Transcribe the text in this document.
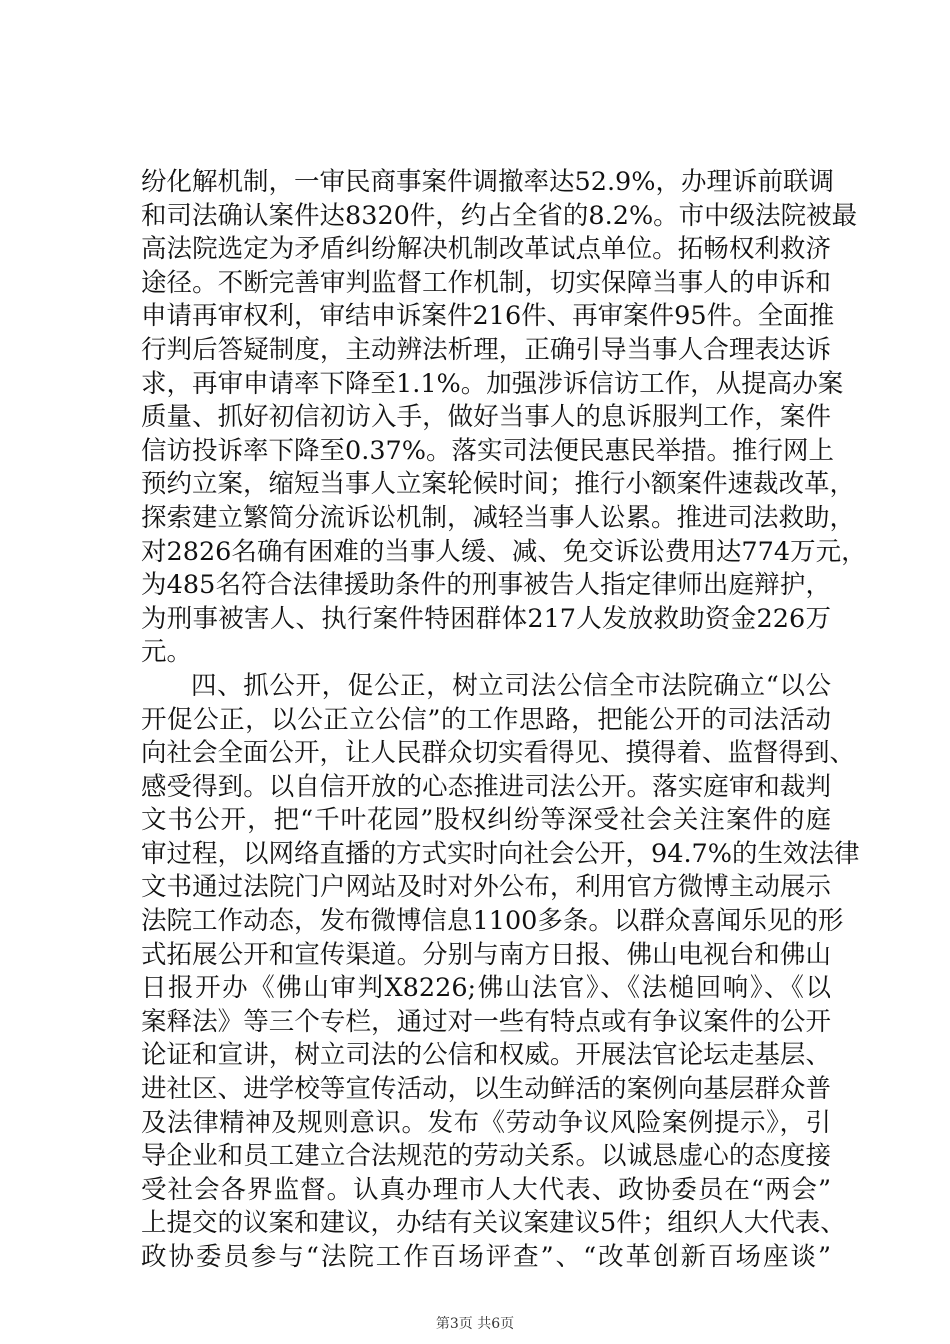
纷化解机制，一审民商事案件调撤率达52.9%，办理诉前联调
和司法确认案件达8320件，约占全省的8.2%。市中级法院被最
高法院选定为矛盾纠纷解决机制改革试点单位。拓畅权利救济
途径。不断完善审判监督工作机制，切实保障当事人的申诉和
申请再审权利，审结申诉案件216件、再审案件95件。全面推
行判后答疑制度，主动辨法析理，正确引导当事人合理表达诉
求，再审申请率下降至1.1%。加强涉诉信访工作，从提高办案
质量、抓好初信初访入手，做好当事人的息诉服判工作，案件
信访投诉率下降至0.37%。落实司法便民惠民举措。推行网上
预约立案，缩短当事人立案轮候时间；推行小额案件速裁改革，
探索建立繁简分流诉讼机制，减轻当事人讼累。推进司法救助，
对2826名确有困难的当事人缓、减、免交诉讼费用达774万元，
为485名符合法律援助条件的刑事被告人指定律师出庭辩护，
为刑事被害人、执行案件特困群体217人发放救助资金226万
元。
四、抓公开，促公正，树立司法公信全市法院确立“以公
开促公正，以公正立公信”的工作思路，把能公开的司法活动
向社会全面公开，让人民群众切实看得见、摸得着、监督得到、
感受得到。以自信开放的心态推进司法公开。落实庭审和裁判
文书公开，把“千叶花园”股权纠纷等深受社会关注案件的庭
审过程，以网络直播的方式实时向社会公开，94.7%的生效法律
文书通过法院门户网站及时对外公布，利用官方微博主动展示
法院工作动态，发布微博信息1100多条。以群众喜闻乐见的形
式拓展公开和宣传渠道。分别与南方日报、佛山电视台和佛山
日报开办《佛山审判X8226;佛山法官》、《法槌回响》、《以
案释法》等三个专栏，通过对一些有特点或有争议案件的公开
论证和宣讲，树立司法的公信和权威。开展法官论坛走基层、
进社区、进学校等宣传活动，以生动鲜活的案例向基层群众普
及法律精神及规则意识。发布《劳动争议风险案例提示》，引
导企业和员工建立合法规范的劳动关系。以诚恳虚心的态度接
受社会各界监督。认真办理市人大代表、政协委员在“两会”
上提交的议案和建议，办结有关议案建议5件；组织人大代表、
政协委员参与“法院工作百场评查”、“改革创新百场座谈”
第3页 共6页
